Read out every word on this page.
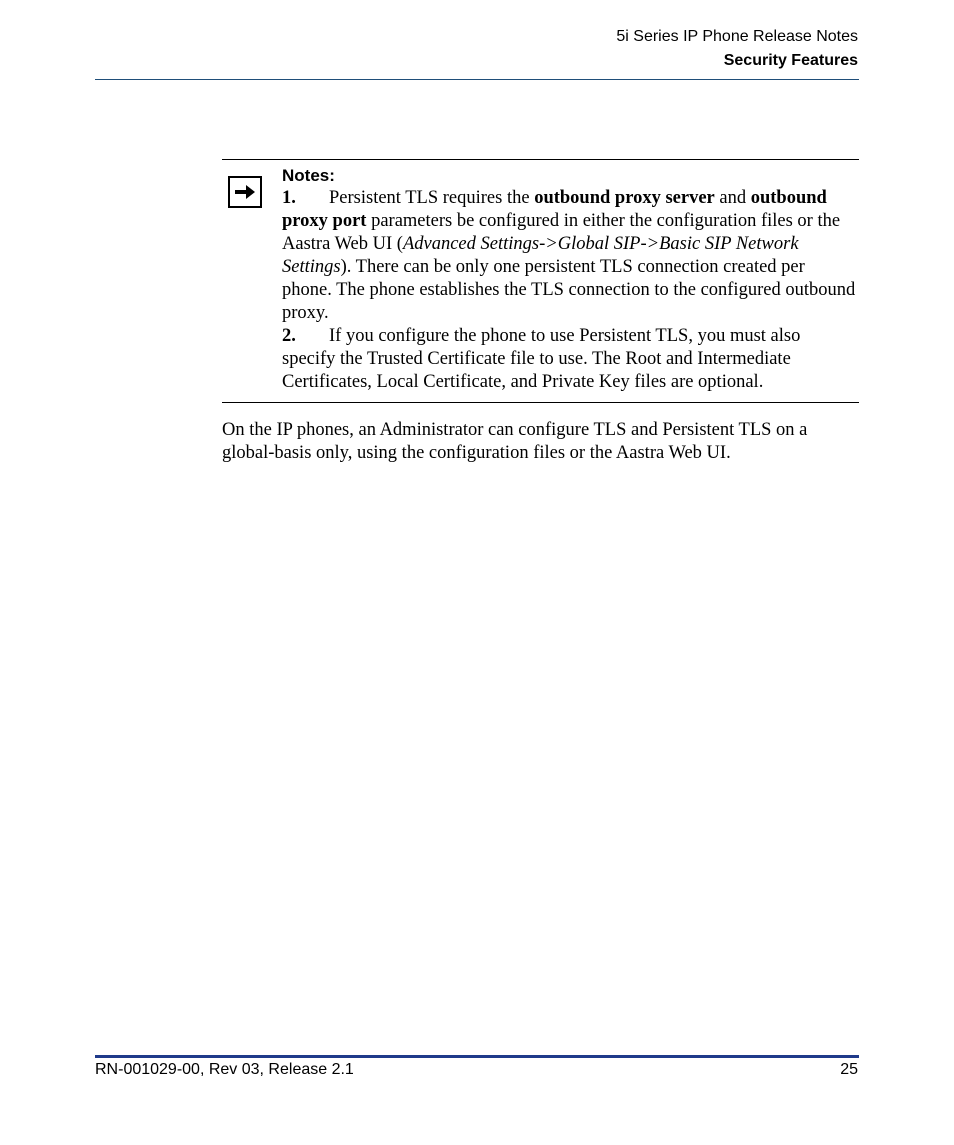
5i Series IP Phone Release Notes

Security Features

Notes:

1. Persistent TLS requires the outbound proxy server and outbound proxy port parameters be configured in either the configuration files or the Aastra Web UI (Advanced Settings->Global SIP->Basic SIP Network Settings). There can be only one persistent TLS connection created per phone. The phone establishes the TLS connection to the configured outbound proxy.

2. If you configure the phone to use Persistent TLS, you must also specify the Trusted Certificate file to use. The Root and Intermediate Certificates, Local Certificate, and Private Key files are optional.

On the IP phones, an Administrator can configure TLS and Persistent TLS on a global-basis only, using the configuration files or the Aastra Web UI.

RN-001029-00, Rev 03, Release 2.1	25
